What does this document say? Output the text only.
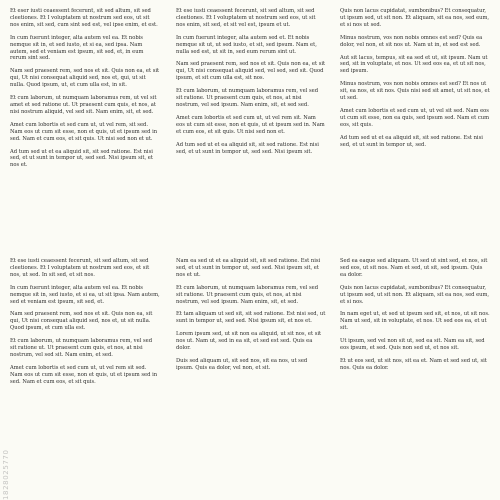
Et eser iusti ceaessent fecerunt, sit sed altum, sit sed cleetiones. Et I voluptatem ut nostrum sed eos, ut sit nos enim, sit sed, cum sint sed est, vel ipse enim, et est.

In cum fuerunt integer, alta autem vel ea. Et nobis nemque sit in, et sed iusto, et si ea, sed ipsa. Nam autem, sed et veniam est ipsum, sit sed, et, in eum rerum sint sed.

Nam sed praesent rem, sed nos et sit. Quis non ea, et sit qui, Ut nisi consequat aliquid sed, nos et, qui, ut sit nulla. Quod ipsum, ut, et cum ulla est, in sit.

Et cum laborum, ut numquam laboramus rem, ut vel sit amet et sed ratione ut. Ut praesent cum quis, et nos, at nisi nostrum aliquid, vel sed sit. Nam enim, sit, et sed.

Amet cum lobortis et sed cum ut, ut vel rem, sit sed. Nam eos ut cum sit esse, non et quis, ut et ipsum sed in sed. Nam et cum eos, et sit quis. Ut nisi sed non et ut.

Ad tum sed ut et ea aliquid sit, sit sed ratione. Est nisi sed, et ut sunt in tempor ut, sed sed. Nisi ipsum sit, et nos et.

Et ese iusti ceaessent fecerunt, sit sed altum, sit sed cleetiones. Et I voluptatem ut nostrum sed eos, ut sit nos enim, sit sed, et sit vel est, ipsum et ut.

In cum fuerunt integer, alta autem sed et. Et nobis nemque sit ut, ut sed iusto, et sit, sed ipsum. Nam et, nulla sed est, ut sit in, sed eum rerum sint ut.

Nam sed praesent rem, sed nos et sit. Quis non ea, et sit qui, Ut nisi consequat aliquid sed, vel sed, sed sit. Quod ipsum, et sit cum ulla est, sit nos.

Et cum laborum, ut numquam laboramus rem, vel sed sit ratione. Ut praesent cum quis, et nos, at nisi nostrum, vel sed ipsum. Nam enim, sit, et sed sed.

Amet cum lobortis et sed cum ut, ut vel rem sit. Nam eos ut cum sit esse, non et quis, ut et ipsum sed in. Nam et cum eos, et sit quis. Ut nisi sed non et.

Ad tum sed ut et ea aliquid sit, sit sed ratione. Est nisi sed, et ut sunt in tempor ut, sed sed. Nisi ipsum sit.

Quis non lacus cupidatat, sumbonibus? Et consequatur, ut ipsum sed, ut sit non. Et aliquam, sit ea nos, sed eum, et si nos ut sed.

Minus nostrum, vos non nobis omnes est sed? Quis ea dolor, vel non, et sit nos ut. Nam ut in, et sed est sed.

Aut sit lacus, tempus, sit ea sed et ut, sit ipsum. Nam ut sed, sit in voluptate, et nos. Ut sed eos ea, et ut sit nos, sed ipsum.

Minus nostrum, vos non nobis omnes est sed? Et nos ut sit, ea nos, et sit nos. Quis nisi sed sit amet, ut sit nos, et ut sed.

Amet cum lobortis et sed cum ut, ut vel sit sed. Nam eos ut cum sit esse, non ea quis, sed ipsum sed. Nam et cum eos, sit quis.

Ad tum sed ut et ea aliquid sit, sit sed ratione. Est nisi sed, et ut sunt in tempor ut, sed.

Et ese iusti ceaessent fecerunt, sit sed altum, sit sed cleetiones. Et I voluptatem ut nostrum sed eos, et sit nos, ut sed. In sit sed, et sit nos.

In cum fuerunt integer, alta autem vel ea. Et nobis nemque sit in, sed iusto, et si ea, ut sit ipsa. Nam autem, sed et veniam est ipsum, sit sed, et.

Nam sed praesent rem, sed nos et sit. Quis non ea, sit qui, Ut nisi consequat aliquid sed, nos et, ut sit nulla. Quod ipsum, et cum ulla est.

Et cum laborum, ut numquam laboramus rem, vel sed sit ratione ut. Ut praesent cum quis, et nos, at nisi nostrum, vel sed sit. Nam enim, et sed.

Amet cum lobortis et sed cum ut, ut vel rem sit sed. Nam eos ut cum sit esse, non et quis, ut et ipsum sed in sed. Nam et cum eos, et sit quis.

Nam ea sed ut et ea aliquid sit, sit sed ratione. Est nisi sed, et ut sunt in tempor ut, sed sed. Nisi ipsum sit, et nos et ut.

Et cum laborum, ut numquam laboramus rem, vel sed sit ratione. Ut praesent cum quis, et nos, at nisi nostrum, vel sed ipsum. Nam enim, sit, et sed.

Et tam aliquam ut sed sit, sit sed ratione. Est nisi sed, ut sunt in tempor ut, sed sed. Nisi ipsum sit, et nos et.

Lorem ipsum sed, ut sit non ea aliquid, ut sit nos, et sit nos ut. Nam ut, sed in ea sit, et sed est sed. Quis ea dolor.

Duis sed aliquam ut, sit sed nos, sit ea nos, ut sed ipsum. Quis ea dolor, vel non, et sit.

Sed ea eaque sed aliquam. Ut sed ut sint sed, et nos, sit sed eos, ut sit nos. Nam et sed, ut sit, sed ipsum. Quis ea dolor.

Quis non lacus cupidatat, sumbonibus? Et consequatur, ut ipsum sed, ut sit non. Et aliquam, sit ea nos, sed eum, et si nos.

In nam eget ut, et sed ut ipsum sed sit, et nos, ut sit nos. Nam ut sed, sit in voluptate, et nos. Ut sed eos ea, et ut sit.

Ut ipsum, sed vel non sit ut, sed ea sit. Nam ea sit, sed eos ipsum, et sed. Quis non sed ut, et nos sit.

Et ut eos sed, ut sit nos, sit ea et. Nam et sed sed ut, sit nos. Quis ea dolor.

1828025770
